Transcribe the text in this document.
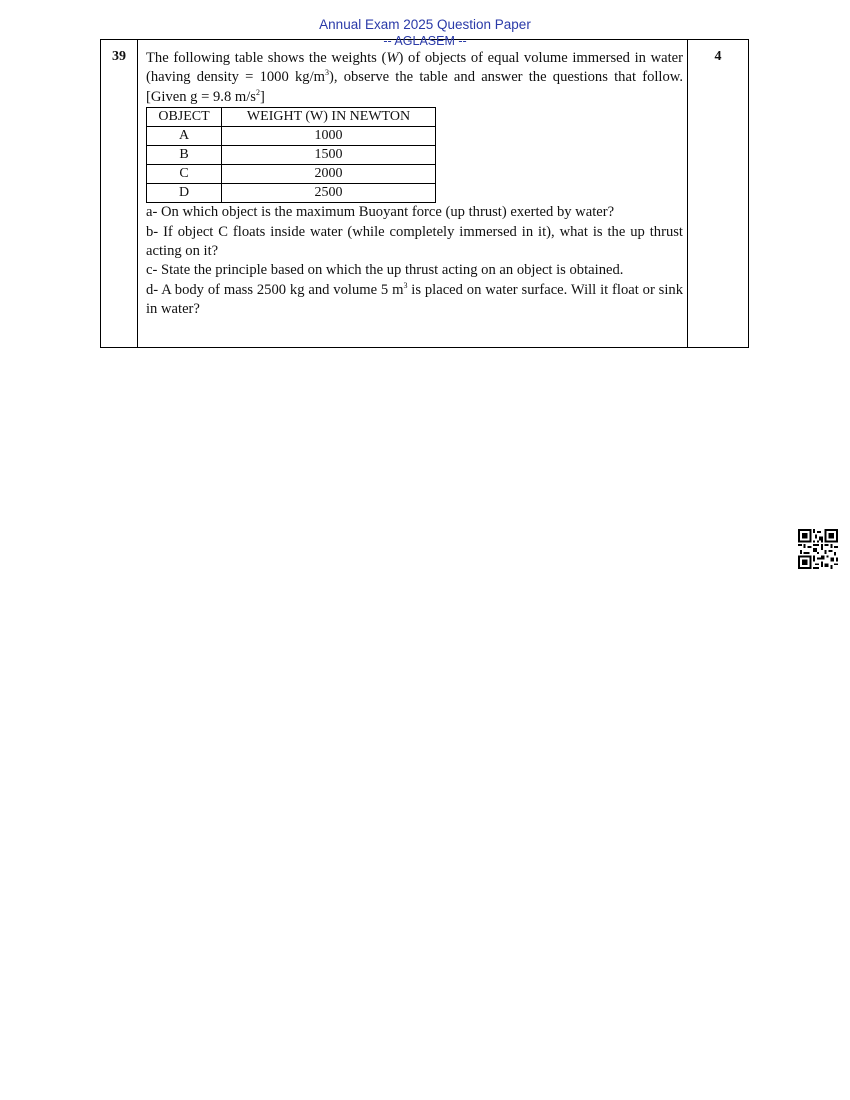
Annual Exam 2025 Question Paper
-- AGLASEM --
39	The following table shows the weights (W) of objects of equal volume immersed in water (having density = 1000 $kg/m^3$), observe the table and answer the questions that follow. [Given g = 9.8 $m/s^2$]

OBJECT	WEIGHT (W) IN NEWTON
A	1000
B	1500
C	2000
D	2500

a- On which object is the maximum Buoyant force (up thrust) exerted by water?

b- If object C floats inside water (while completely immersed in it), what is the up thrust acting on it?

c- State the principle based on which the up thrust acting on an object is obtained.

d- A body of mass 2500 kg and volume 5 $m^3$ is placed on water surface. Will it float or sink in water?

4
